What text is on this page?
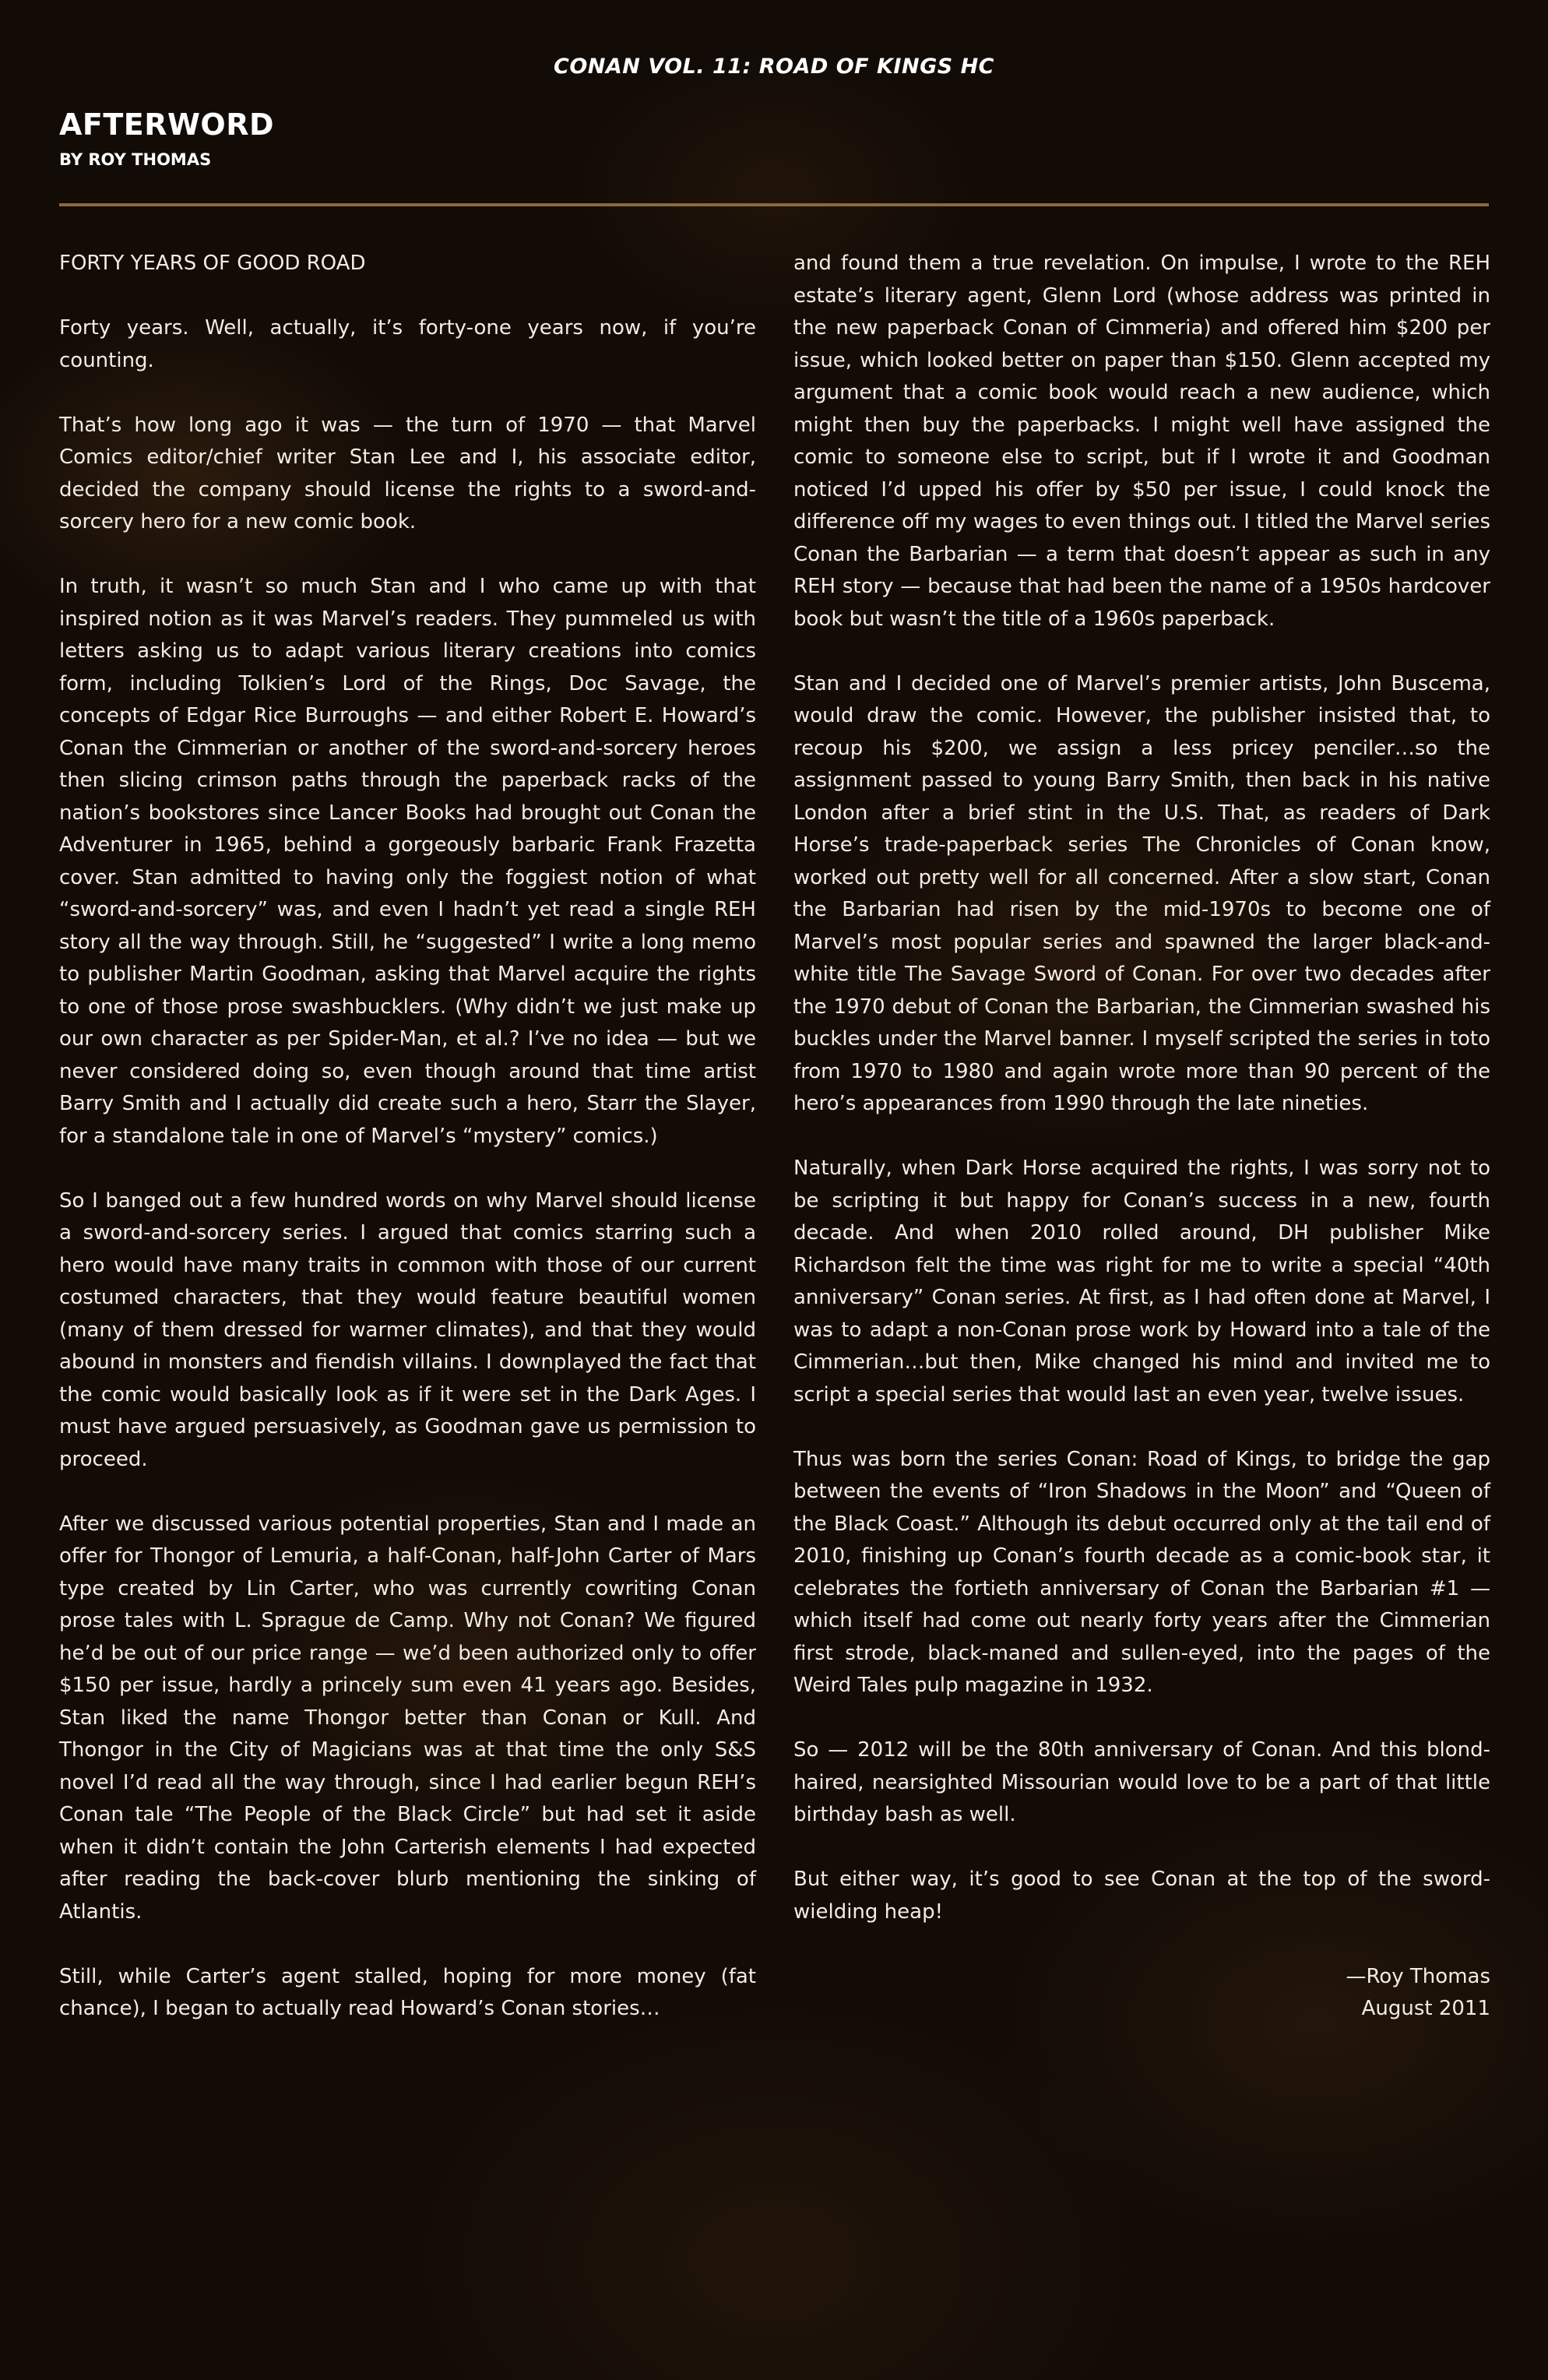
CONAN VOL. 11: ROAD OF KINGS HC
AFTERWORD
BY ROY THOMAS

FORTY YEARS OF GOOD ROAD

Forty years. Well, actually, it’s forty-one years now, if you’re counting.

That’s how long ago it was — the turn of 1970 — that Marvel Comics editor/chief writer Stan Lee and I, his associate editor, decided the company should license the rights to a sword-and-sorcery hero for a new comic book.

In truth, it wasn’t so much Stan and I who came up with that inspired notion as it was Marvel’s readers. They pummeled us with letters asking us to adapt various literary creations into comics form, including Tolkien’s Lord of the Rings, Doc Savage, the concepts of Edgar Rice Burroughs — and either Robert E. Howard’s Conan the Cimmerian or another of the sword-and-sorcery heroes then slicing crimson paths through the paperback racks of the nation’s bookstores since Lancer Books had brought out Conan the Adventurer in 1965, behind a gorgeously barbaric Frank Frazetta cover. Stan admitted to having only the foggiest notion of what “sword-and-sorcery” was, and even I hadn’t yet read a single REH story all the way through. Still, he “suggested” I write a long memo to publisher Martin Goodman, asking that Marvel acquire the rights to one of those prose swashbucklers. (Why didn’t we just make up our own character as per Spider-Man, et al.? I’ve no idea — but we never considered doing so, even though around that time artist Barry Smith and I actually did create such a hero, Starr the Slayer, for a standalone tale in one of Marvel’s “mystery” comics.)

So I banged out a few hundred words on why Marvel should license a sword-and-sorcery series. I argued that comics starring such a hero would have many traits in common with those of our current costumed characters, that they would feature beautiful women (many of them dressed for warmer climates), and that they would abound in monsters and fiendish villains. I downplayed the fact that the comic would basically look as if it were set in the Dark Ages. I must have argued persuasively, as Goodman gave us permission to proceed.

After we discussed various potential properties, Stan and I made an offer for Thongor of Lemuria, a half-Conan, half-John Carter of Mars type created by Lin Carter, who was currently cowriting Conan prose tales with L. Sprague de Camp. Why not Conan? We figured he’d be out of our price range — we’d been authorized only to offer $150 per issue, hardly a princely sum even 41 years ago. Besides, Stan liked the name Thongor better than Conan or Kull. And Thongor in the City of Magicians was at that time the only S&S novel I’d read all the way through, since I had earlier begun REH’s Conan tale “The People of the Black Circle” but had set it aside when it didn’t contain the John Carterish elements I had expected after reading the back-cover blurb mentioning the sinking of Atlantis.

Still, while Carter’s agent stalled, hoping for more money (fat chance), I began to actually read Howard’s Conan stories…

and found them a true revelation. On impulse, I wrote to the REH estate’s literary agent, Glenn Lord (whose address was printed in the new paperback Conan of Cimmeria) and offered him $200 per issue, which looked better on paper than $150. Glenn accepted my argument that a comic book would reach a new audience, which might then buy the paperbacks. I might well have assigned the comic to someone else to script, but if I wrote it and Goodman noticed I’d upped his offer by $50 per issue, I could knock the difference off my wages to even things out. I titled the Marvel series Conan the Barbarian — a term that doesn’t appear as such in any REH story — because that had been the name of a 1950s hardcover book but wasn’t the title of a 1960s paperback.

Stan and I decided one of Marvel’s premier artists, John Buscema, would draw the comic. However, the publisher insisted that, to recoup his $200, we assign a less pricey penciler…so the assignment passed to young Barry Smith, then back in his native London after a brief stint in the U.S. That, as readers of Dark Horse’s trade-paperback series The Chronicles of Conan know, worked out pretty well for all concerned. After a slow start, Conan the Barbarian had risen by the mid-1970s to become one of Marvel’s most popular series and spawned the larger black-and-white title The Savage Sword of Conan. For over two decades after the 1970 debut of Conan the Barbarian, the Cimmerian swashed his buckles under the Marvel banner. I myself scripted the series in toto from 1970 to 1980 and again wrote more than 90 percent of the hero’s appearances from 1990 through the late nineties.

Naturally, when Dark Horse acquired the rights, I was sorry not to be scripting it but happy for Conan’s success in a new, fourth decade. And when 2010 rolled around, DH publisher Mike Richardson felt the time was right for me to write a special “40th anniversary” Conan series. At first, as I had often done at Marvel, I was to adapt a non-Conan prose work by Howard into a tale of the Cimmerian…but then, Mike changed his mind and invited me to script a special series that would last an even year, twelve issues.

Thus was born the series Conan: Road of Kings, to bridge the gap between the events of “Iron Shadows in the Moon” and “Queen of the Black Coast.” Although its debut occurred only at the tail end of 2010, finishing up Conan’s fourth decade as a comic-book star, it celebrates the fortieth anniversary of Conan the Barbarian #1 — which itself had come out nearly forty years after the Cimmerian first strode, black-maned and sullen-eyed, into the pages of the Weird Tales pulp magazine in 1932.

So — 2012 will be the 80th anniversary of Conan. And this blond-haired, nearsighted Missourian would love to be a part of that little birthday bash as well.

But either way, it’s good to see Conan at the top of the sword-wielding heap!

—Roy Thomas
August 2011
